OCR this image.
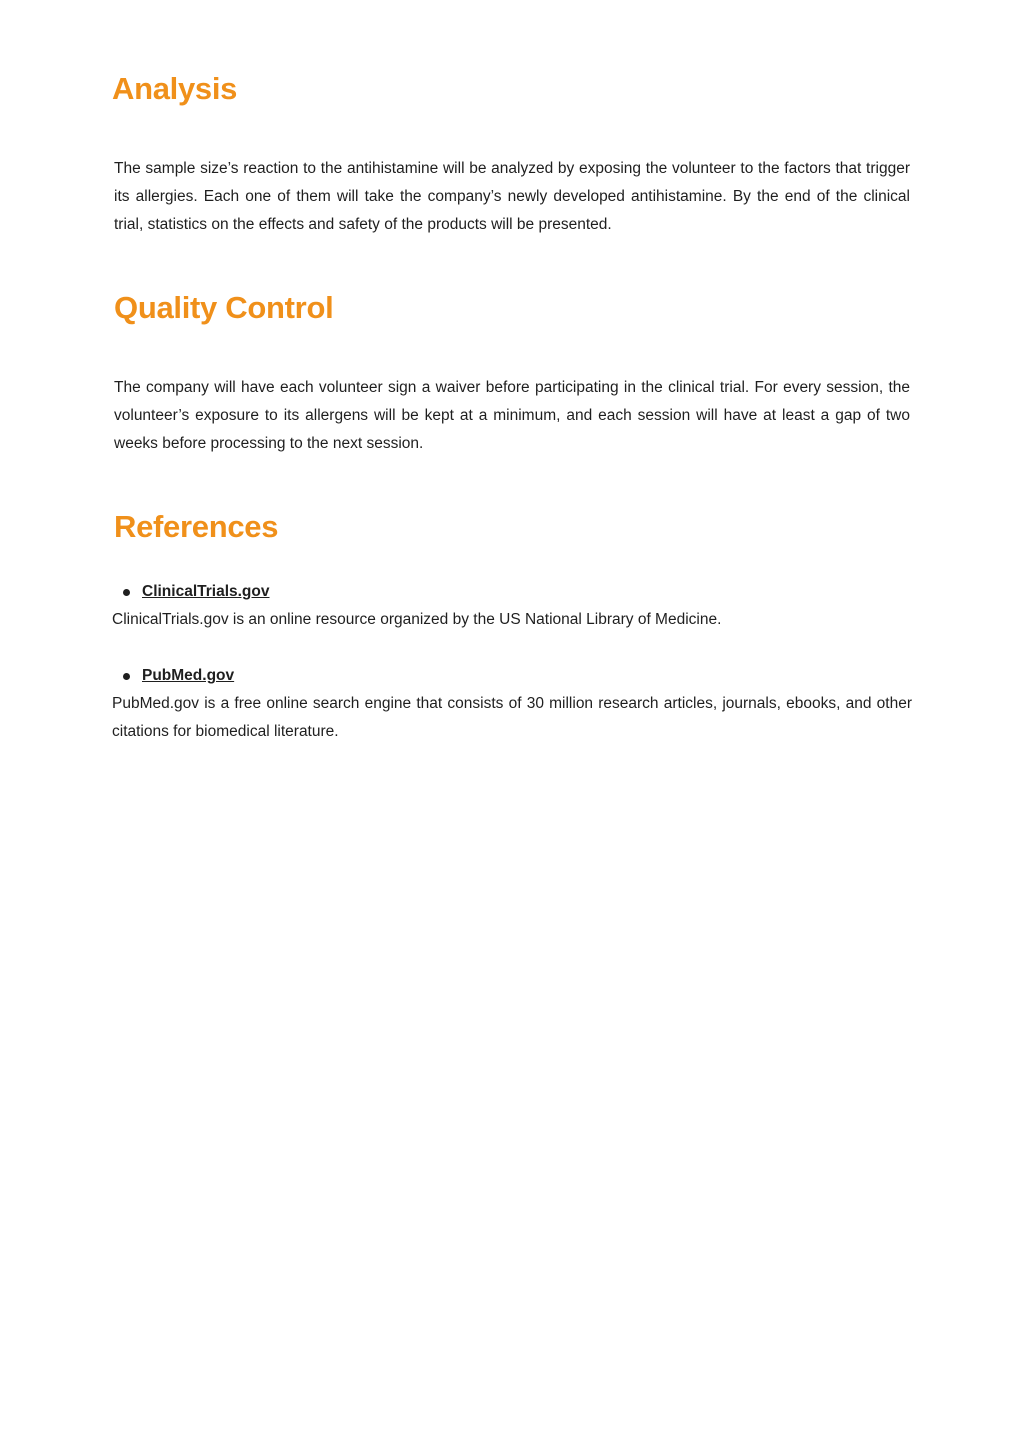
Analysis

The sample size’s reaction to the antihistamine will be analyzed by exposing the volunteer to the factors that trigger its allergies. Each one of them will take the company’s newly developed antihistamine. By the end of the clinical trial, statistics on the effects and safety of the products will be presented.

Quality Control

The company will have each volunteer sign a waiver before participating in the clinical trial. For every session, the volunteer’s exposure to its allergens will be kept at a minimum, and each session will have at least a gap of two weeks before processing to the next session.

References
ClinicalTrials.gov

ClinicalTrials.gov is an online resource organized by the US National Library of Medicine.

PubMed.gov

PubMed.gov is a free online search engine that consists of 30 million research articles, journals, ebooks, and other citations for biomedical literature.
